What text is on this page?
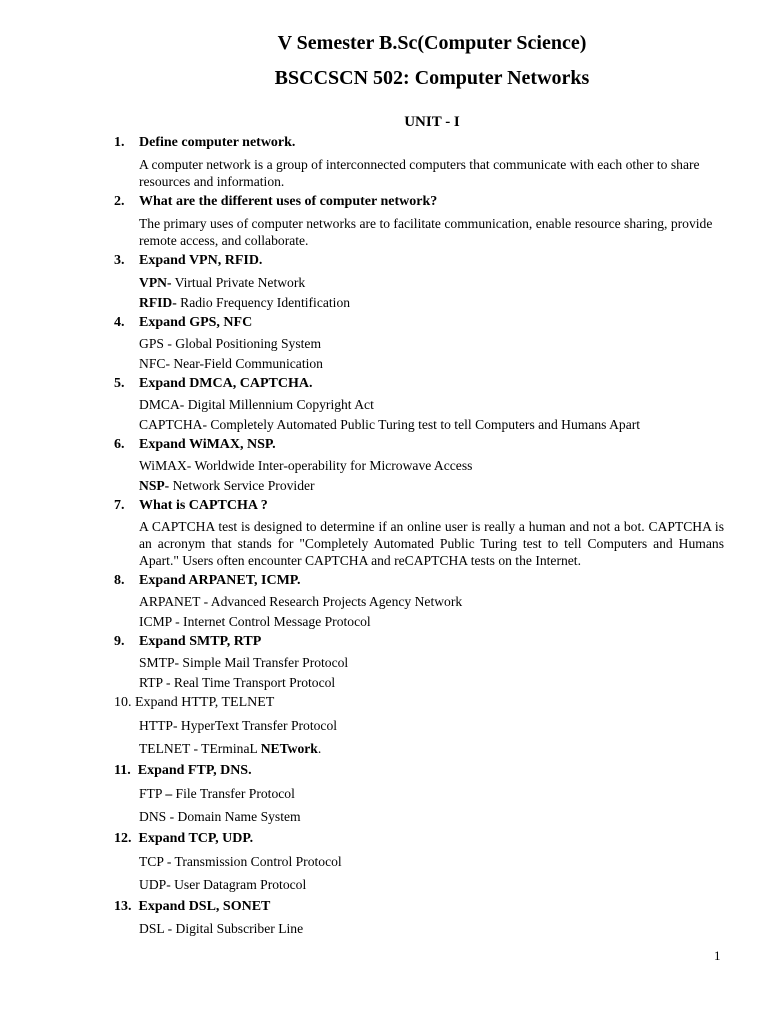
V Semester B.Sc(Computer Science)
BSCCSCN 502: Computer Networks
UNIT - I
1. Define computer network.
A computer network is a group of interconnected computers that communicate with each other to share resources and information.
2. What are the different uses of computer network?
The primary uses of computer networks are to facilitate communication, enable resource sharing, provide remote access, and collaborate.
3. Expand VPN, RFID.
VPN- Virtual Private Network
RFID- Radio Frequency Identification
4. Expand GPS, NFC
GPS - Global Positioning System
NFC- Near-Field Communication
5. Expand DMCA, CAPTCHA.
DMCA- Digital Millennium Copyright Act
CAPTCHA- Completely Automated Public Turing test to tell Computers and Humans Apart
6. Expand WiMAX, NSP.
WiMAX- Worldwide Inter-operability for Microwave Access
NSP- Network Service Provider
7. What is CAPTCHA ?
A CAPTCHA test is designed to determine if an online user is really a human and not a bot. CAPTCHA is an acronym that stands for "Completely Automated Public Turing test to tell Computers and Humans Apart." Users often encounter CAPTCHA and reCAPTCHA tests on the Internet.
8. Expand ARPANET, ICMP.
ARPANET - Advanced Research Projects Agency Network
ICMP - Internet Control Message Protocol
9. Expand SMTP, RTP
SMTP- Simple Mail Transfer Protocol
RTP - Real Time Transport Protocol
10. Expand HTTP, TELNET
HTTP- HyperText Transfer Protocol
TELNET - TErminaL NETwork.
11. Expand FTP, DNS.
FTP – File Transfer Protocol
DNS - Domain Name System
12. Expand TCP, UDP.
TCP - Transmission Control Protocol
UDP- User Datagram Protocol
13. Expand DSL, SONET
DSL - Digital Subscriber Line
1
